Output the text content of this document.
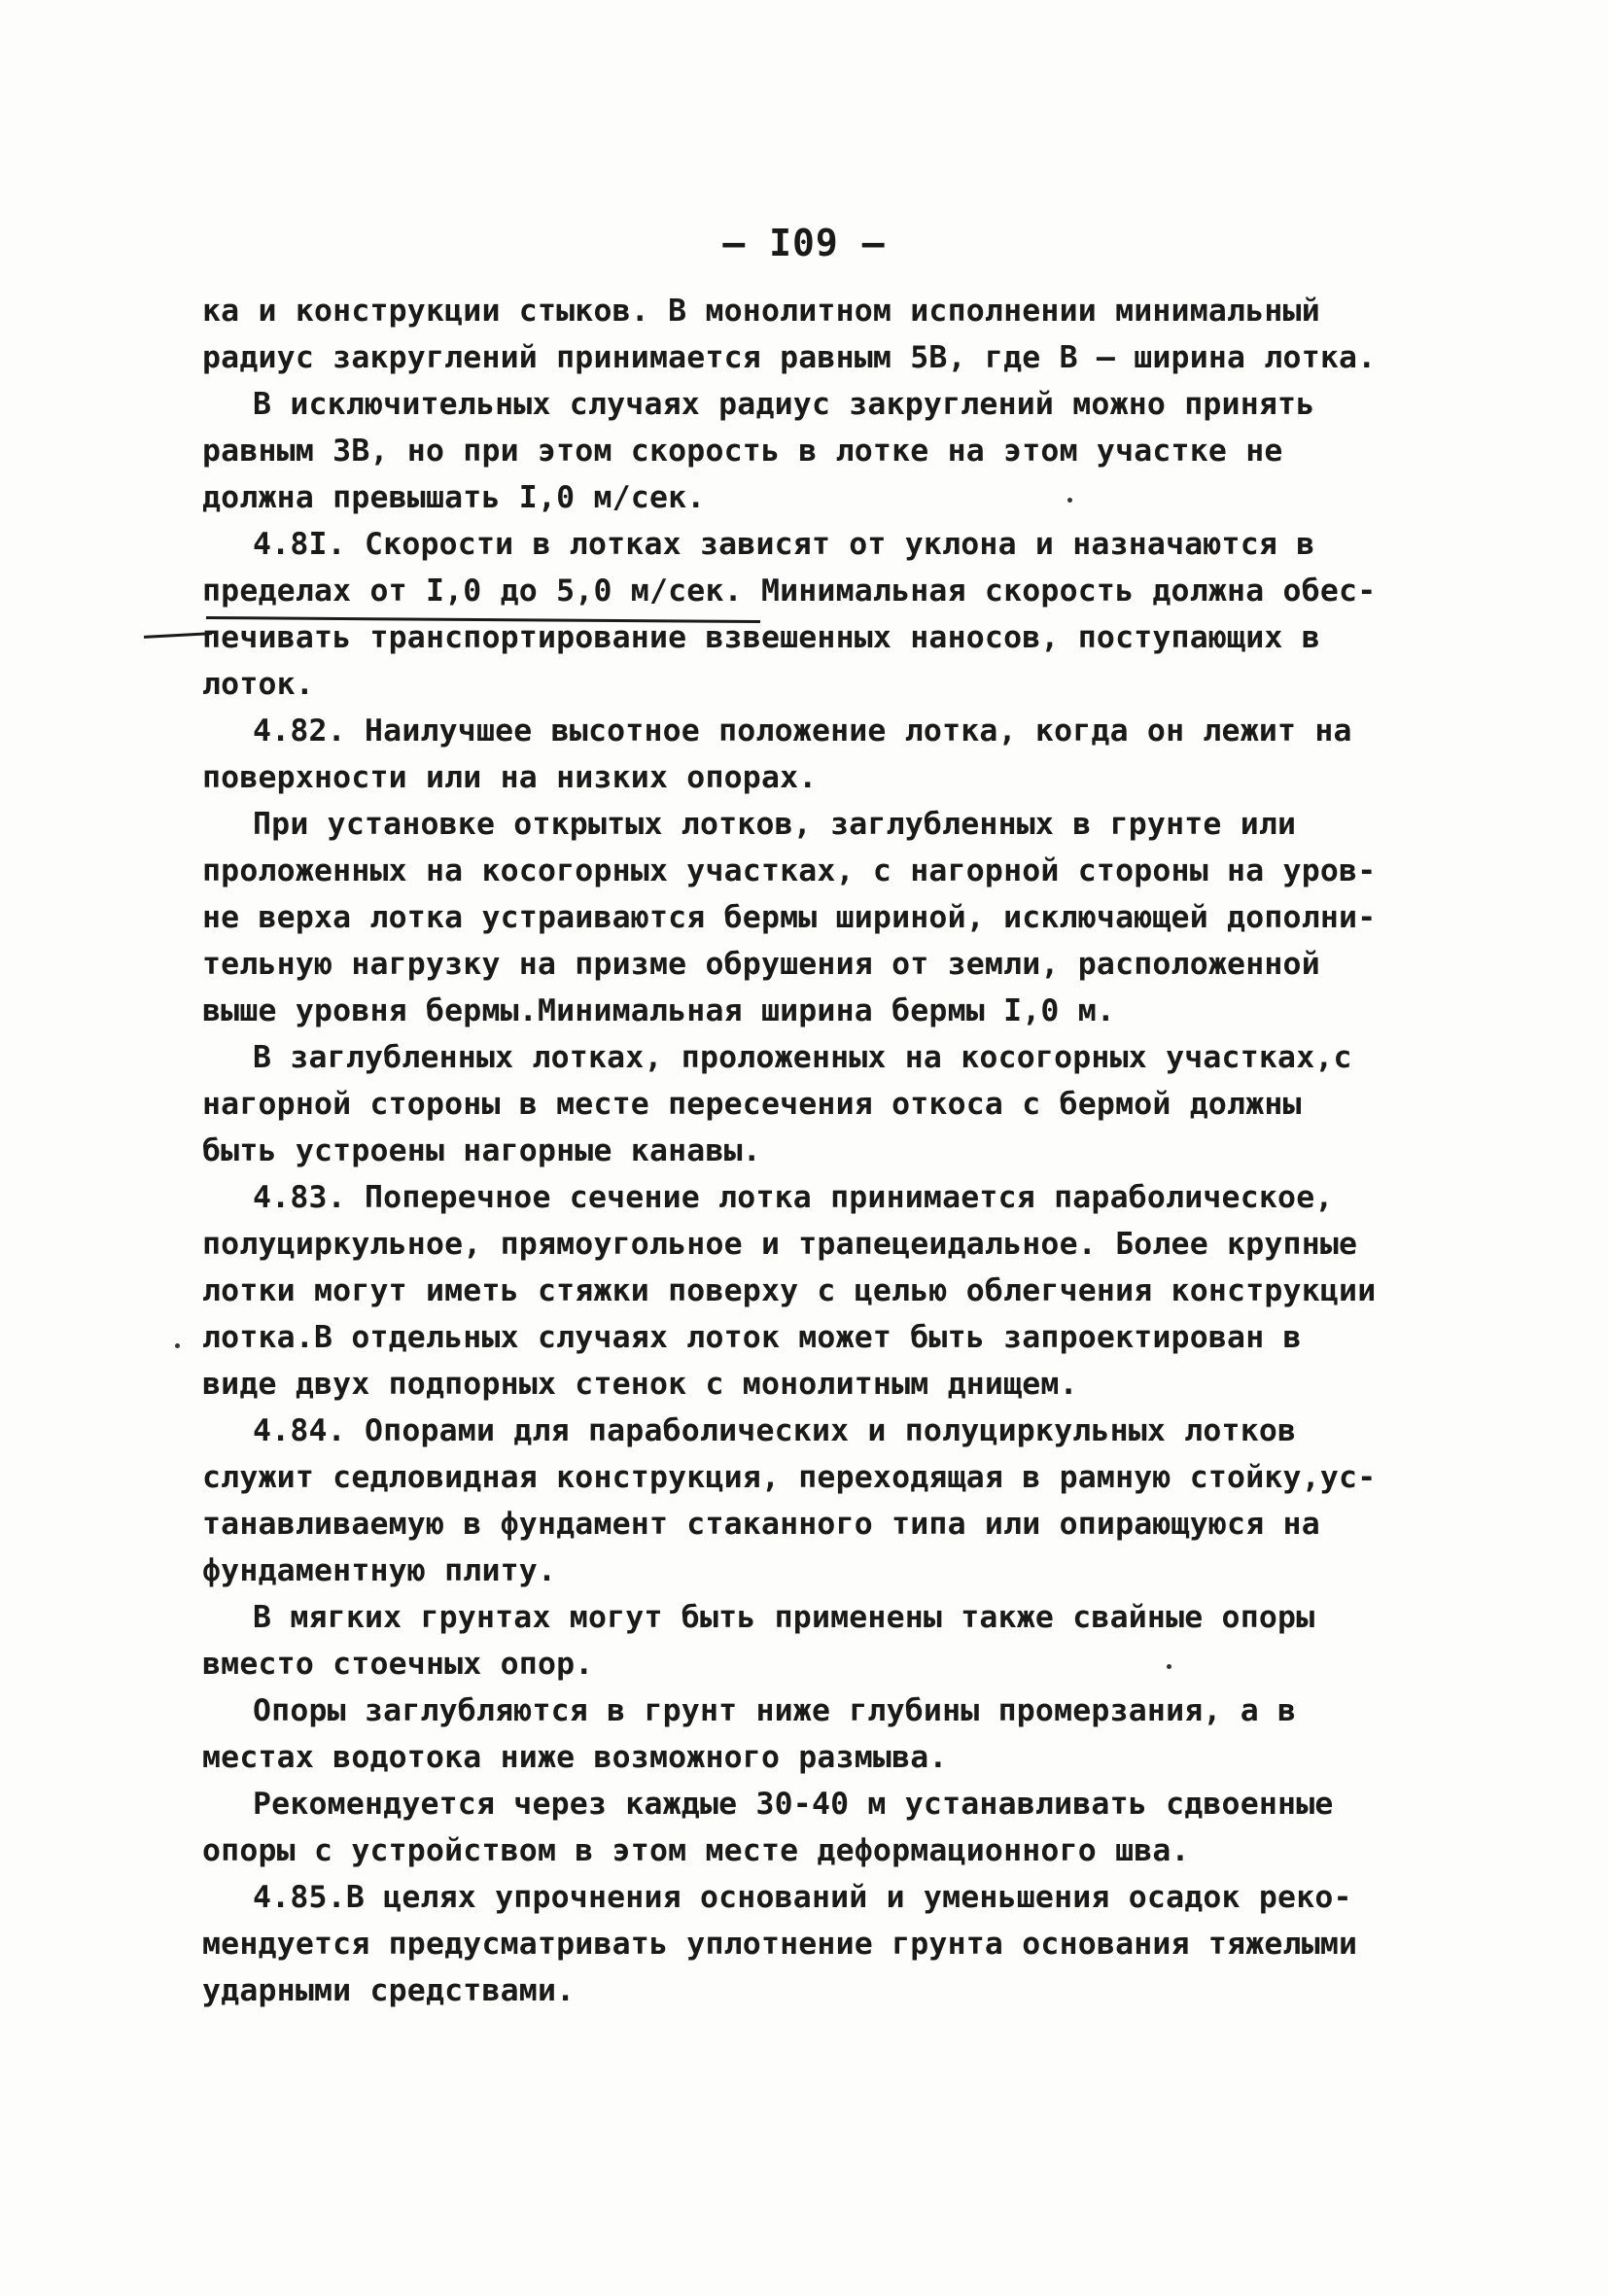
— I09 —
ка и конструкции стыков. В монолитном исполнении минимальный
радиус закруглений принимается равным 5В, где В – ширина лотка.
В исключительных случаях радиус закруглений можно принять
равным 3В, но при этом скорость в лотке на этом участке не
должна превышать I,0 м/сек.
4.8I. Скорости в лотках зависят от уклона и назначаются в
пределах от I,0 до 5,0 м/сек. Минимальная скорость должна обес-
печивать транспортирование взвешенных наносов, поступающих в
лоток.
4.82. Наилучшее высотное положение лотка, когда он лежит на
поверхности или на низких опорах.
При установке открытых лотков, заглубленных в грунте или
проложенных на косогорных участках, с нагорной стороны на уров-
не верха лотка устраиваются бермы шириной, исключающей дополни-
тельную нагрузку на призме обрушения от земли, расположенной
выше уровня бермы.Минимальная ширина бермы I,0 м.
В заглубленных лотках, проложенных на косогорных участках,с
нагорной стороны в месте пересечения откоса с бермой должны
быть устроены нагорные канавы.
4.83. Поперечное сечение лотка принимается параболическое,
полуциркульное, прямоугольное и трапецеидальное. Более крупные
лотки могут иметь стяжки поверху с целью облегчения конструкции
лотка.В отдельных случаях лоток может быть запроектирован в
виде двух подпорных стенок с монолитным днищем.
4.84. Опорами для параболических и полуциркульных лотков
служит седловидная конструкция, переходящая в рамную стойку,ус-
танавливаемую в фундамент стаканного типа или опирающуюся на
фундаментную плиту.
В мягких грунтах могут быть применены также свайные опоры
вместо стоечных опор.
Опоры заглубляются в грунт ниже глубины промерзания, а в
местах водотока ниже возможного размыва.
Рекомендуется через каждые 30-40 м устанавливать сдвоенные
опоры с устройством в этом месте деформационного шва.
4.85.В целях упрочнения оснований и уменьшения осадок реко-
мендуется предусматривать уплотнение грунта основания тяжелыми
ударными средствами.
